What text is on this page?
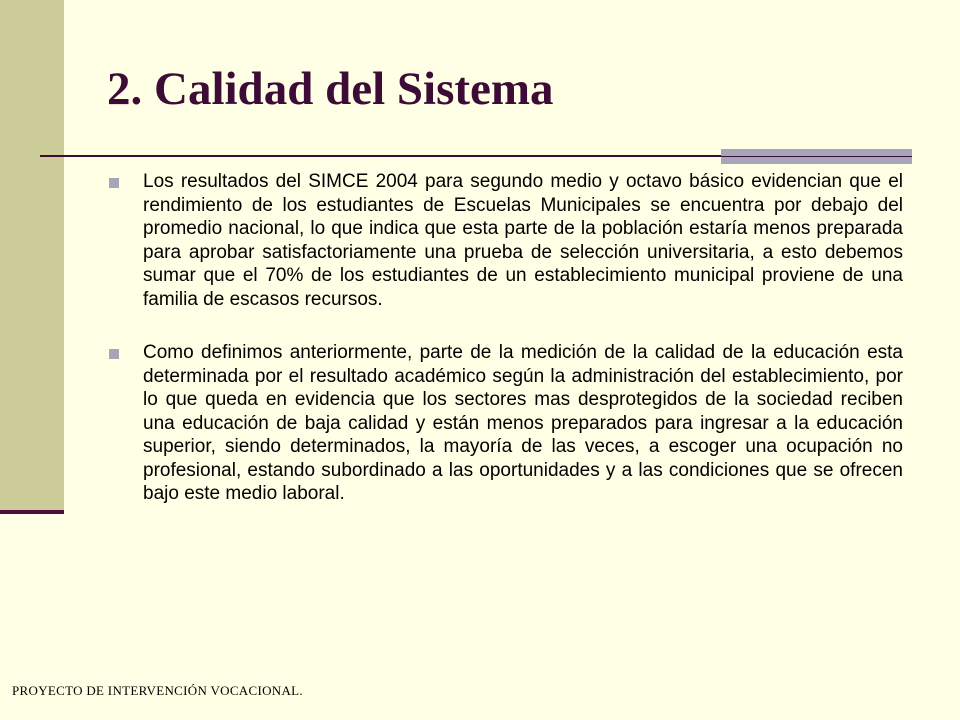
2. Calidad del Sistema
Los resultados del SIMCE 2004 para segundo medio y octavo básico evidencian que el rendimiento de los estudiantes de Escuelas Municipales se encuentra por debajo del promedio nacional, lo que indica que esta parte de la población estaría menos preparada para aprobar satisfactoriamente una prueba de selección universitaria, a esto debemos sumar que el 70% de los estudiantes de un establecimiento municipal proviene de una familia de escasos recursos.
Como definimos anteriormente, parte de la medición de la calidad de la educación esta determinada por el resultado académico según la administración del establecimiento, por lo que queda en evidencia que los sectores mas desprotegidos de la sociedad reciben una educación de baja calidad y están menos preparados para ingresar a la educación superior, siendo determinados, la mayoría de las veces, a escoger una ocupación no profesional, estando subordinado a las oportunidades y a las condiciones que se ofrecen bajo este medio laboral.
PROYECTO DE INTERVENCIÓN VOCACIONAL.
